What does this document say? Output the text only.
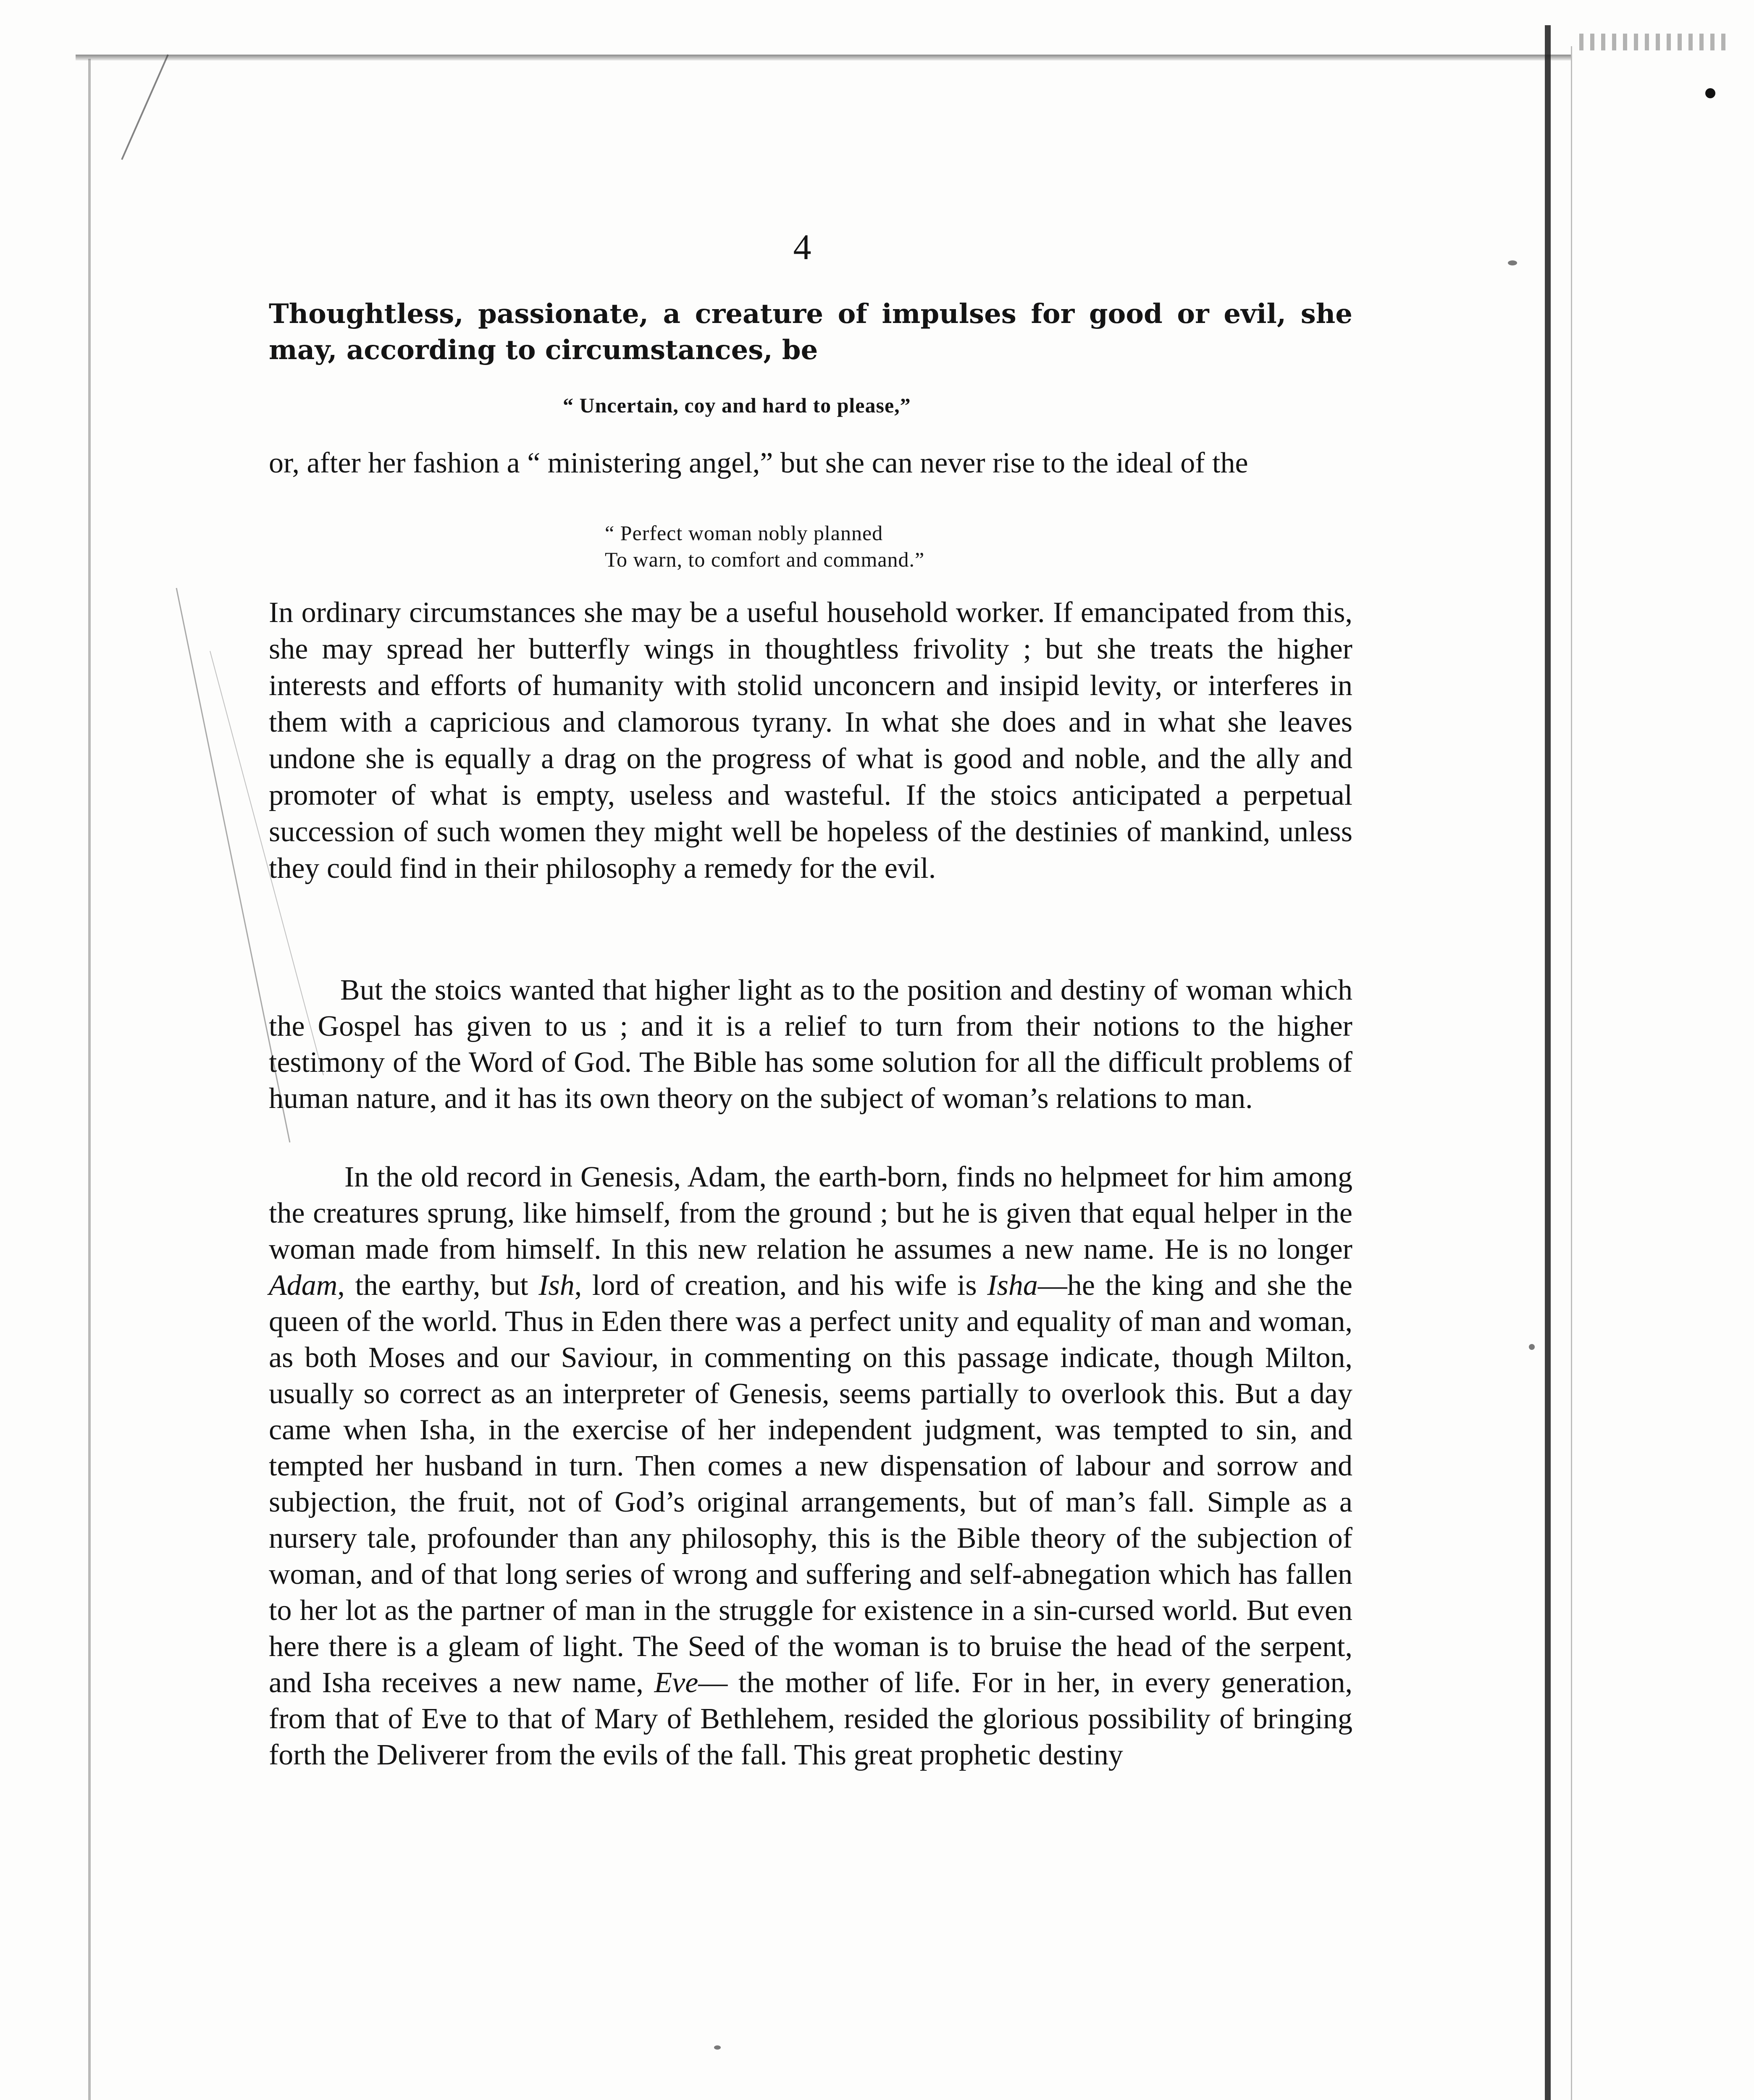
4
Thoughtless, passionate, a creature of impulses for good or evil, she may, according to circumstances, be
“ Uncertain, coy and hard to please,”
or, after her fashion a “ ministering angel,” but she can never rise to the ideal of the
“ Perfect woman nobly planned
To warn, to comfort and command.”
In ordinary circumstances she may be a useful household worker. If emancipated from this, she may spread her butterfly wings in thoughtless frivolity ; but she treats the higher interests and efforts of humanity with stolid unconcern and insipid levity, or interferes in them with a capricious and clamorous tyrany. In what she does and in what she leaves undone she is equally a drag on the progress of what is good and noble, and the ally and promoter of what is empty, useless and wasteful. If the stoics anticipated a perpetual succession of such women they might well be hopeless of the destinies of mankind, unless they could find in their philosophy a remedy for the evil.
But the stoics wanted that higher light as to the position and destiny of woman which the Gospel has given to us ; and it is a relief to turn from their notions to the higher testimony of the Word of God. The Bible has some solution for all the difficult problems of human nature, and it has its own theory on the subject of woman’s relations to man.
In the old record in Genesis, Adam, the earth-born, finds no helpmeet for him among the creatures sprung, like himself, from the ground ; but he is given that equal helper in the woman made from himself. In this new relation he assumes a new name. He is no longer Adam, the earthy, but Ish, lord of creation, and his wife is Isha—he the king and she the queen of the world. Thus in Eden there was a perfect unity and equality of man and woman, as both Moses and our Saviour, in commenting on this passage indicate, though Milton, usually so correct as an interpreter of Genesis, seems partially to overlook this. But a day came when Isha, in the exercise of her independent judgment, was tempted to sin, and tempted her husband in turn. Then comes a new dispensation of labour and sorrow and subjection, the fruit, not of God’s original arrangements, but of man’s fall. Simple as a nursery tale, profounder than any philosophy, this is the Bible theory of the subjection of woman, and of that long series of wrong and suffering and self-abnegation which has fallen to her lot as the partner of man in the struggle for existence in a sin-cursed world. But even here there is a gleam of light. The Seed of the woman is to bruise the head of the serpent, and Isha receives a new name, Eve— the mother of life. For in her, in every generation, from that of Eve to that of Mary of Bethlehem, resided the glorious possibility of bringing forth the Deliverer from the evils of the fall. This great prophetic destiny
